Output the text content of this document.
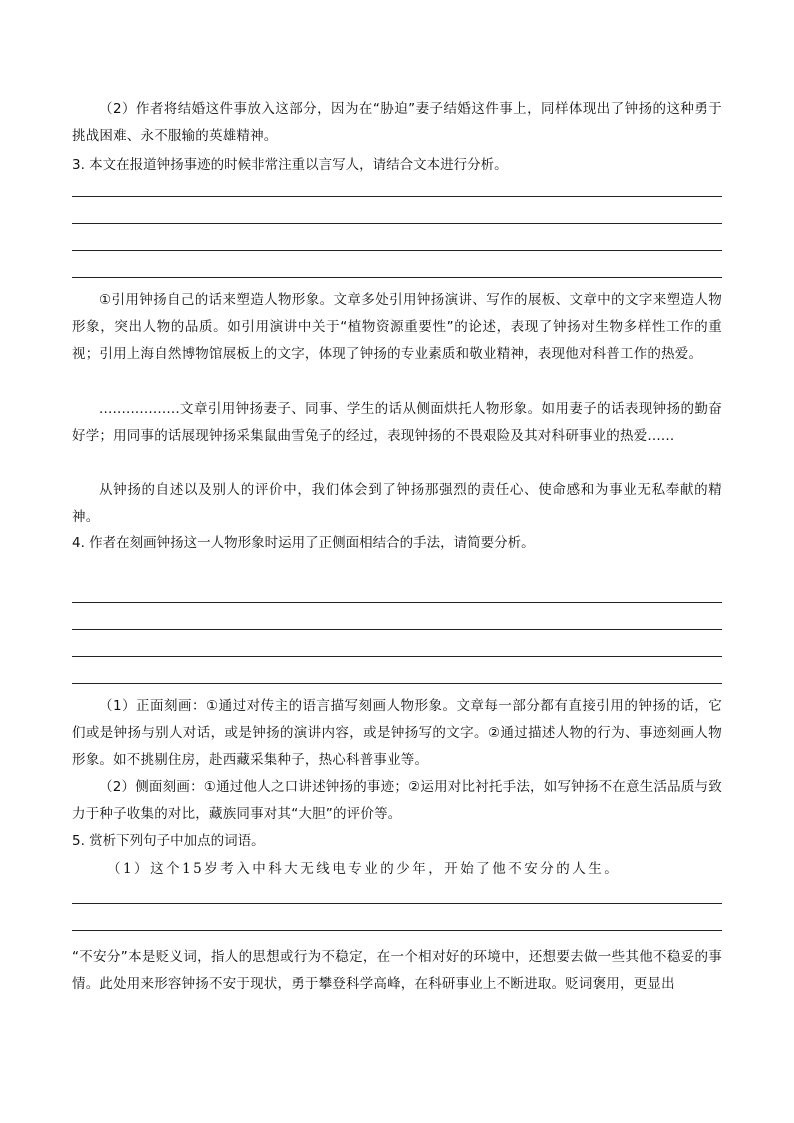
（2）作者将结婚这件事放入这部分，因为在“胁迫”妻子结婚这件事上，同样体现出了钟扬的这种勇于挑战困难、永不服输的英雄精神。

3. 本文在报道钟扬事迹的时候非常注重以言写人，请结合文本进行分析。

①引用钟扬自己的话来塑造人物形象。文章多处引用钟扬演讲、写作的展板、文章中的文字来塑造人物形象，突出人物的品质。如引用演讲中关于“植物资源重要性”的论述，表现了钟扬对生物多样性工作的重视；引用上海自然博物馆展板上的文字，体现了钟扬的专业素质和敬业精神，表现他对科普工作的热爱。

..................文章引用钟扬妻子、同事、学生的话从侧面烘托人物形象。如用妻子的话表现钟扬的勤奋好学；用同事的话展现钟扬采集鼠曲雪兔子的经过，表现钟扬的不畏艰险及其对科研事业的热爱......

从钟扬的自述以及别人的评价中，我们体会到了钟扬那强烈的责任心、使命感和为事业无私奉献的精神。

4. 作者在刻画钟扬这一人物形象时运用了正侧面相结合的手法，请简要分析。

（1）正面刻画：①通过对传主的语言描写刻画人物形象。文章每一部分都有直接引用的钟扬的话，它们或是钟扬与别人对话，或是钟扬的演讲内容，或是钟扬写的文字。②通过描述人物的行为、事迹刻画人物形象。如不挑剔住房，赴西藏采集种子，热心科普事业等。

（2）侧面刻画：①通过他人之口讲述钟扬的事迹；②运用对比衬托手法，如写钟扬不在意生活品质与致力于种子收集的对比，藏族同事对其“大胆”的评价等。

5. 赏析下列句子中加点的词语。

（1）这个15岁考入中科大无线电专业的少年，开始了他不安分的人生。

“不安分”本是贬义词，指人的思想或行为不稳定，在一个相对好的环境中，还想要去做一些其他不稳妥的事情。此处用来形容钟扬不安于现状，勇于攀登科学高峰，在科研事业上不断进取。贬词褒用，更显出
